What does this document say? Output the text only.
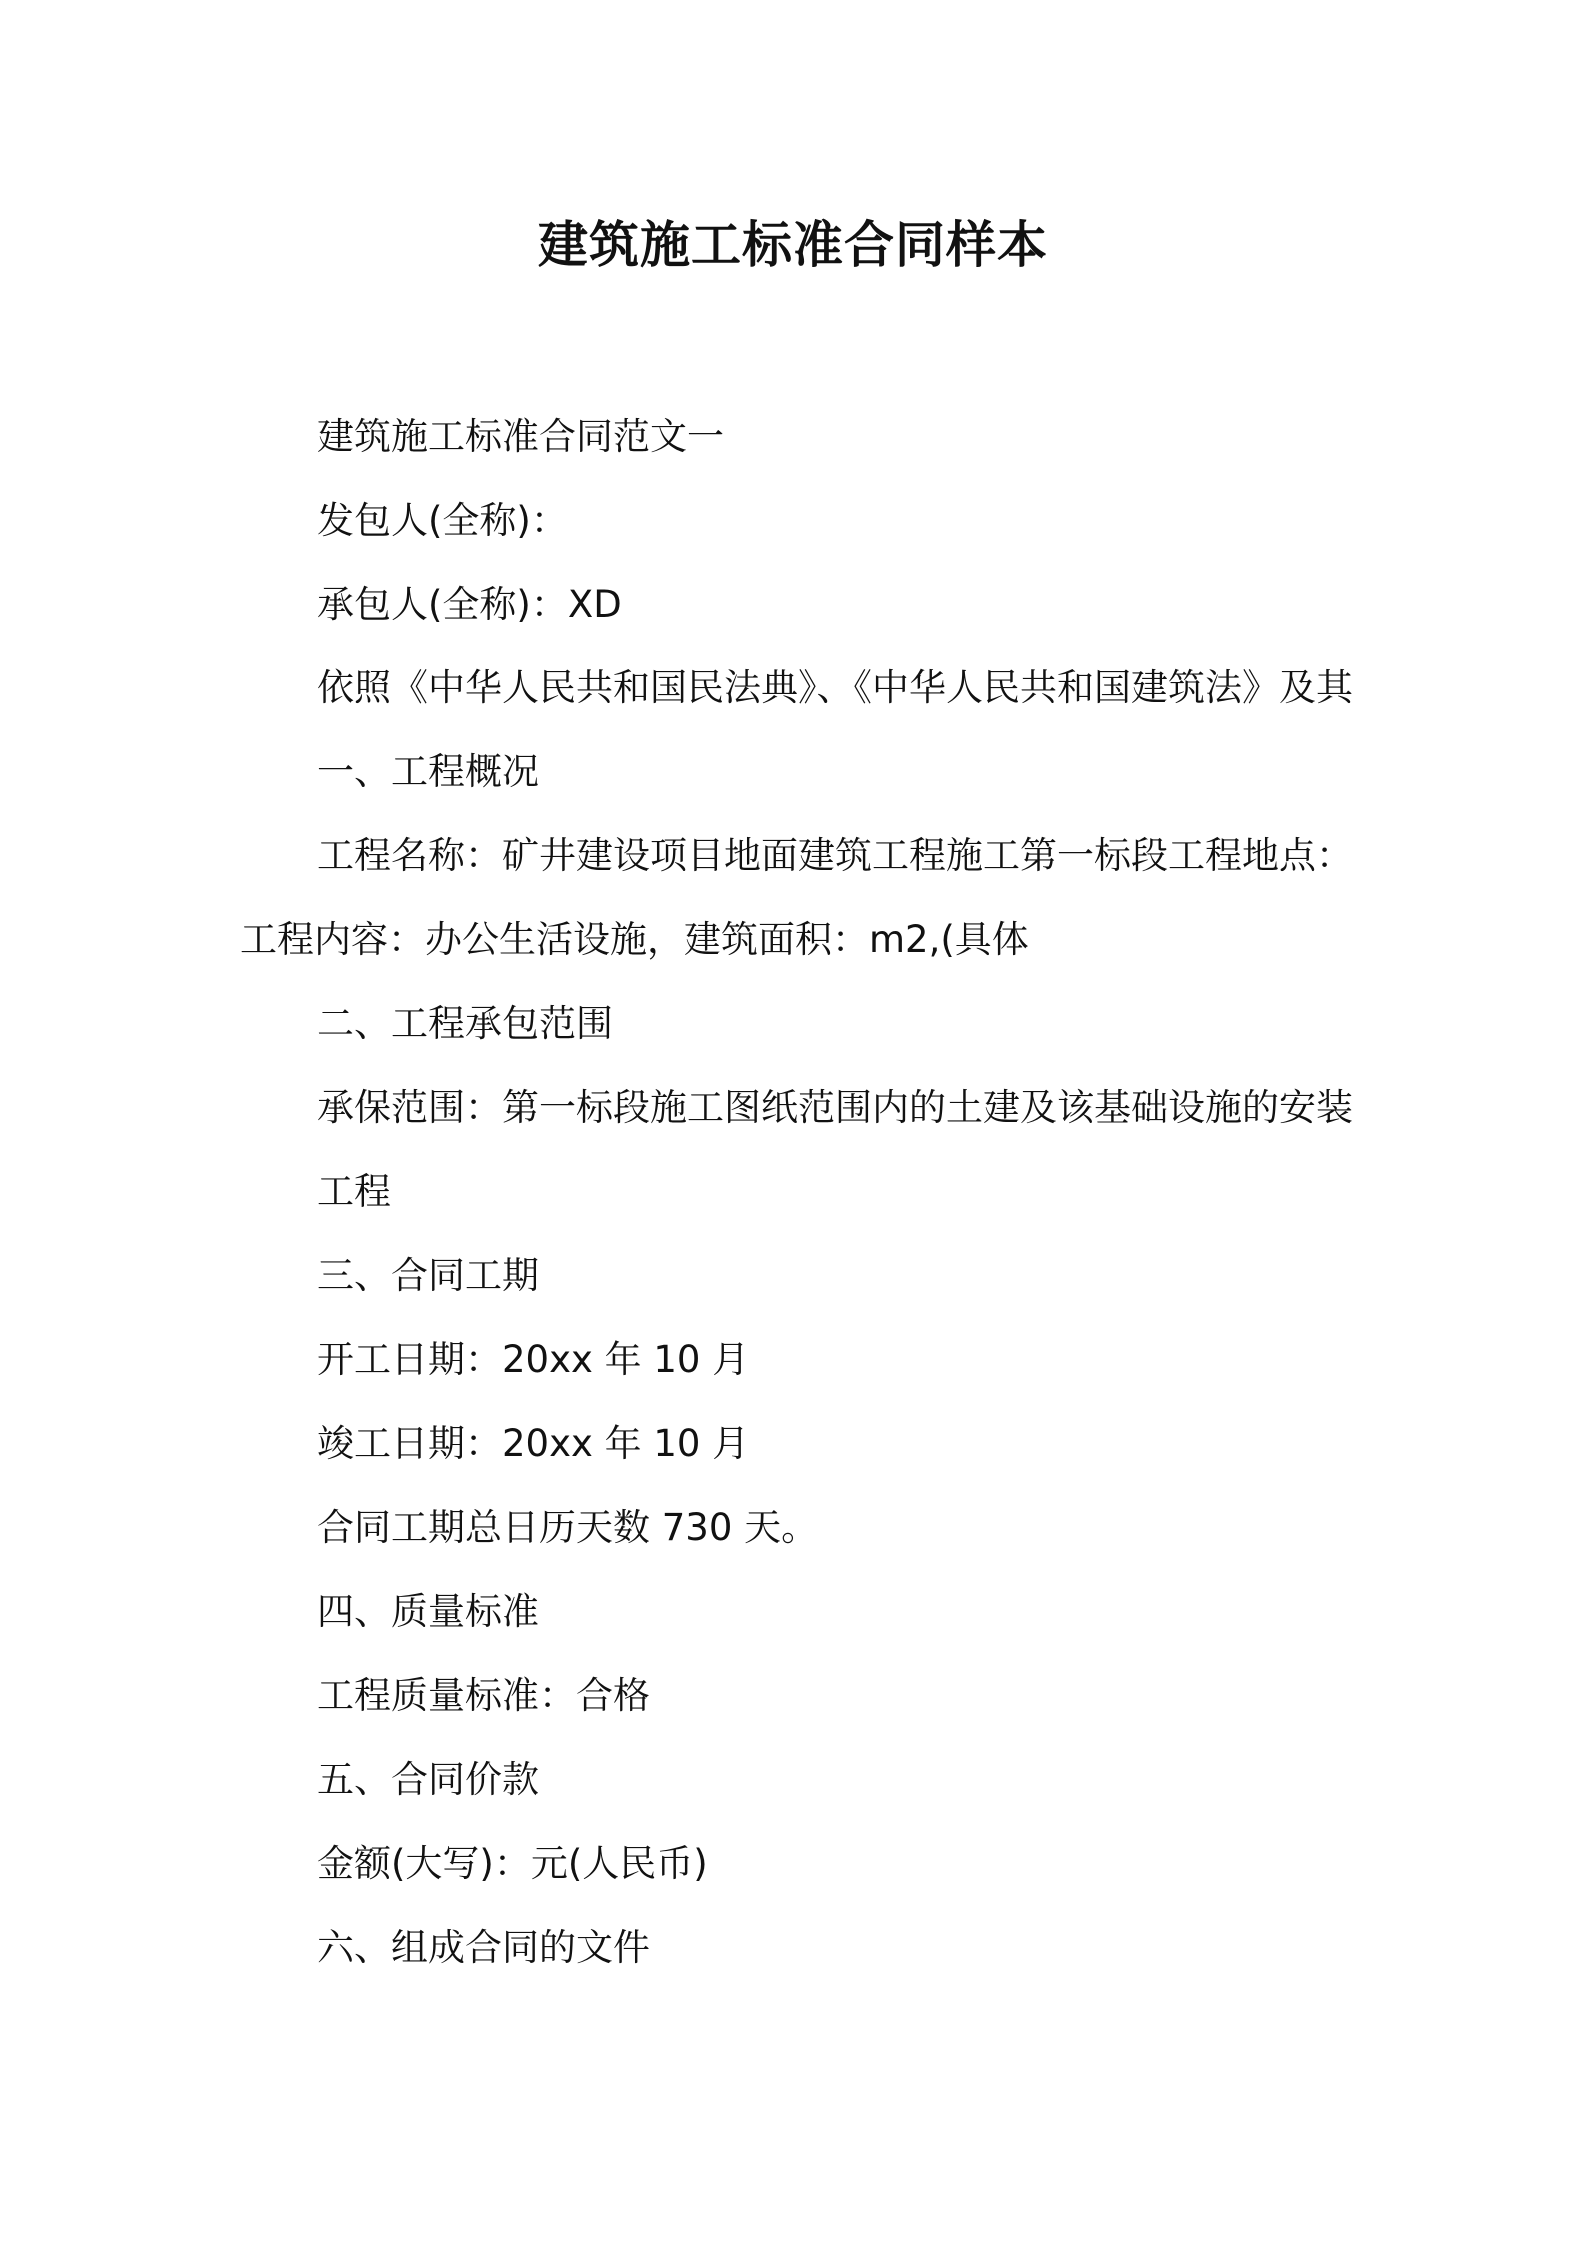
建筑施工标准合同样本
建筑施工标准合同范文一
发包人(全称)：
承包人(全称)：XD
依照《中华人民共和国民法典》、《中华人民共和国建筑法》及其
一、工程概况
工程名称：矿井建设项目地面建筑工程施工第一标段工程地点：
工程内容：办公生活设施，建筑面积：m2,(具体
二、工程承包范围
承保范围：第一标段施工图纸范围内的土建及该基础设施的安装
工程
三、合同工期
开工日期：20xx 年 10 月
竣工日期：20xx 年 10 月
合同工期总日历天数 730 天。
四、质量标准
工程质量标准：合格
五、合同价款
金额(大写)：元(人民币)
六、组成合同的文件
